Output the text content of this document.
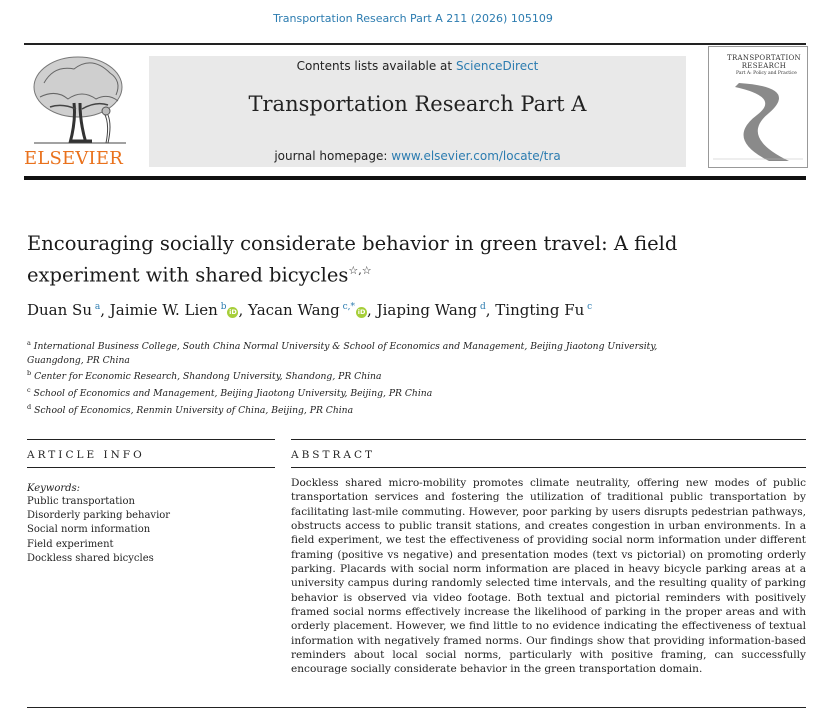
Transportation Research Part A 211 (2026) 105109
ELSEVIER
Contents lists available at ScienceDirect
Transportation Research Part A
journal homepage: www.elsevier.com/locate/tra
TRANSPORTATION
RESEARCH
Part A: Policy and Practice
Encouraging socially considerate behavior in green travel: A field experiment with shared bicycles☆,☆
Duan Su $^a$, Jaimie W. Lien $^b$ iD , Yacan Wang $^{c,*}$ iD , Jiaping Wang $^d$, Tingting Fu $^c$
$^a$ International Business College, South China Normal University & School of Economics and Management, Beijing Jiaotong University, Guangdong, PR China
$^b$ Center for Economic Research, Shandong University, Shandong, PR China
$^c$ School of Economics and Management, Beijing Jiaotong University, Beijing, PR China
$^d$ School of Economics, Renmin University of China, Beijing, PR China
ARTICLE INFO	ABSTRACT
Keywords:
Public transportation
Disorderly parking behavior
Social norm information
Field experiment
Dockless shared bicycles

Dockless shared micro-mobility promotes climate neutrality, offering new modes of public transportation services and fostering the utilization of traditional public transportation by facilitating last-mile commuting. However, poor parking by users disrupts pedestrian pathways, obstructs access to public transit stations, and creates congestion in urban environments. In a field experiment, we test the effectiveness of providing social norm information under different framing (positive vs negative) and presentation modes (text vs pictorial) on promoting orderly parking. Placards with social norm information are placed in heavy bicycle parking areas at a university campus during randomly selected time intervals, and the resulting quality of parking behavior is observed via video footage. Both textual and pictorial reminders with positively framed social norms effectively increase the likelihood of parking in the proper areas and with orderly placement. However, we find little to no evidence indicating the effectiveness of textual information with negatively framed norms. Our findings show that providing information-based reminders about local social norms, particularly with positive framing, can successfully encourage socially considerate behavior in the green transportation domain.
